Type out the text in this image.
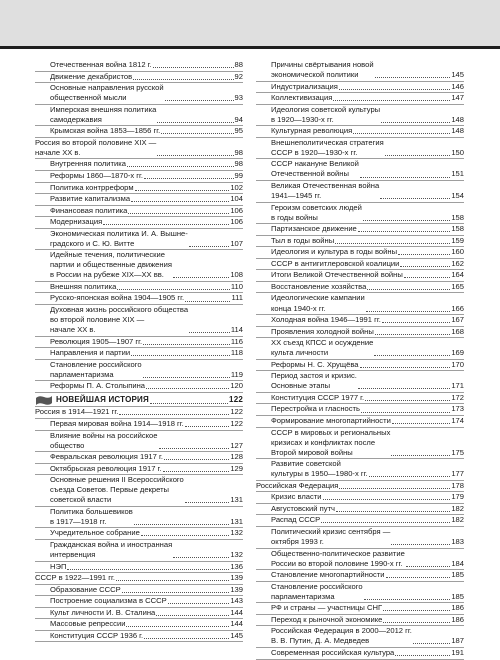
Отечественная война 1812 г.	88
Движение декабристов	92
Основные направления русской
общественной мысли	93
Имперская внешняя политика
самодержавия	94
Крымская война 1853—1856 гг.	95
Россия во второй половине XIX —
начале XX в.	98
Внутренняя политика	98
Реформы 1860—1870-х гг.	99
Политика контрреформ	102
Развитие капитализма	104
Финансовая политика	106
Модернизация	106
Экономическая политика И. А. Вышне-
градского и С. Ю. Витте	107
Идейные течения, политические
партии и общественные движения
в России на рубеже XIX—XX вв.	108
Внешняя политика	110
Русско-японская война 1904—1905 гг.	111
Духовная жизнь российского общества
во второй половине XIX —
начале XX в.	114
Революция 1905—1907 гг.	116
Направления и партии	118
Становление российского
парламентаризма	119
Реформы П. А. Столыпина	120
НОВЕЙШАЯ ИСТОРИЯ	122
Россия в 1914—1921 гг.	122
Первая мировая война 1914—1918 гг.	122
Влияние войны на российское
общество	127
Февральская революция 1917 г.	128
Октябрьская революция 1917 г.	129
Основные решения II Всероссийского
съезда Советов. Первые декреты
советской власти	131
Политика большевиков
в 1917—1918 гг.	131
Учредительное собрание	132
Гражданская война и иностранная
интервенция	132
НЭП	136
СССР в 1922—1991 гг.	139
Образование СССР	139
Построение социализма в СССР	143
Культ личности И. В. Сталина	144
Массовые репрессии	144
Конституция СССР 1936 г.	145
Причины свёртывания новой
экономической политики	145
Индустриализация	146
Коллективизация	147
Идеология советской культуры
в 1920—1930-х гг.	148
Культурная революция	148
Внешнеполитическая стратегия
СССР в 1920—1930-х гг.	150
СССР накануне Великой
Отечественной войны	151
Великая Отечественная война
1941—1945 гг.	154
Героизм советских людей
в годы войны	158
Партизанское движение	158
Тыл в годы войны	159
Идеология и культура в годы войны	160
СССР в антигитлеровской коалиции	162
Итоги Великой Отечественной войны	164
Восстановление хозяйства	165
Идеологические кампании
конца 1940-х гг.	166
Холодная война 1946—1991 гг.	167
Проявления холодной войны	168
XX съезд КПСС и осуждение
культа личности	169
Реформы Н. С. Хрущёва	170
Период застоя и кризис.
Основные этапы	171
Конституция СССР 1977 г.	172
Перестройка и гласность	173
Формирование многопартийности	174
СССР в мировых и региональных
кризисах и конфликтах после
Второй мировой войны	175
Развитие советской
культуры в 1950—1980-х гг.	177
Российская Федерация	178
Кризис власти	179
Августовский путч	182
Распад СССР	182
Политический кризис сентября —
октября 1993 г.	183
Общественно-политическое развитие
России во второй половине 1990-х гг.	184
Становление многопартийности	185
Становление российского
парламентаризма	185
РФ и страны — участницы СНГ	186
Переход к рыночной экономике	186
Российская Федерация в 2000—2012 гг.
В. В. Путин, Д. А. Медведев	187
Современная российская культура	191
